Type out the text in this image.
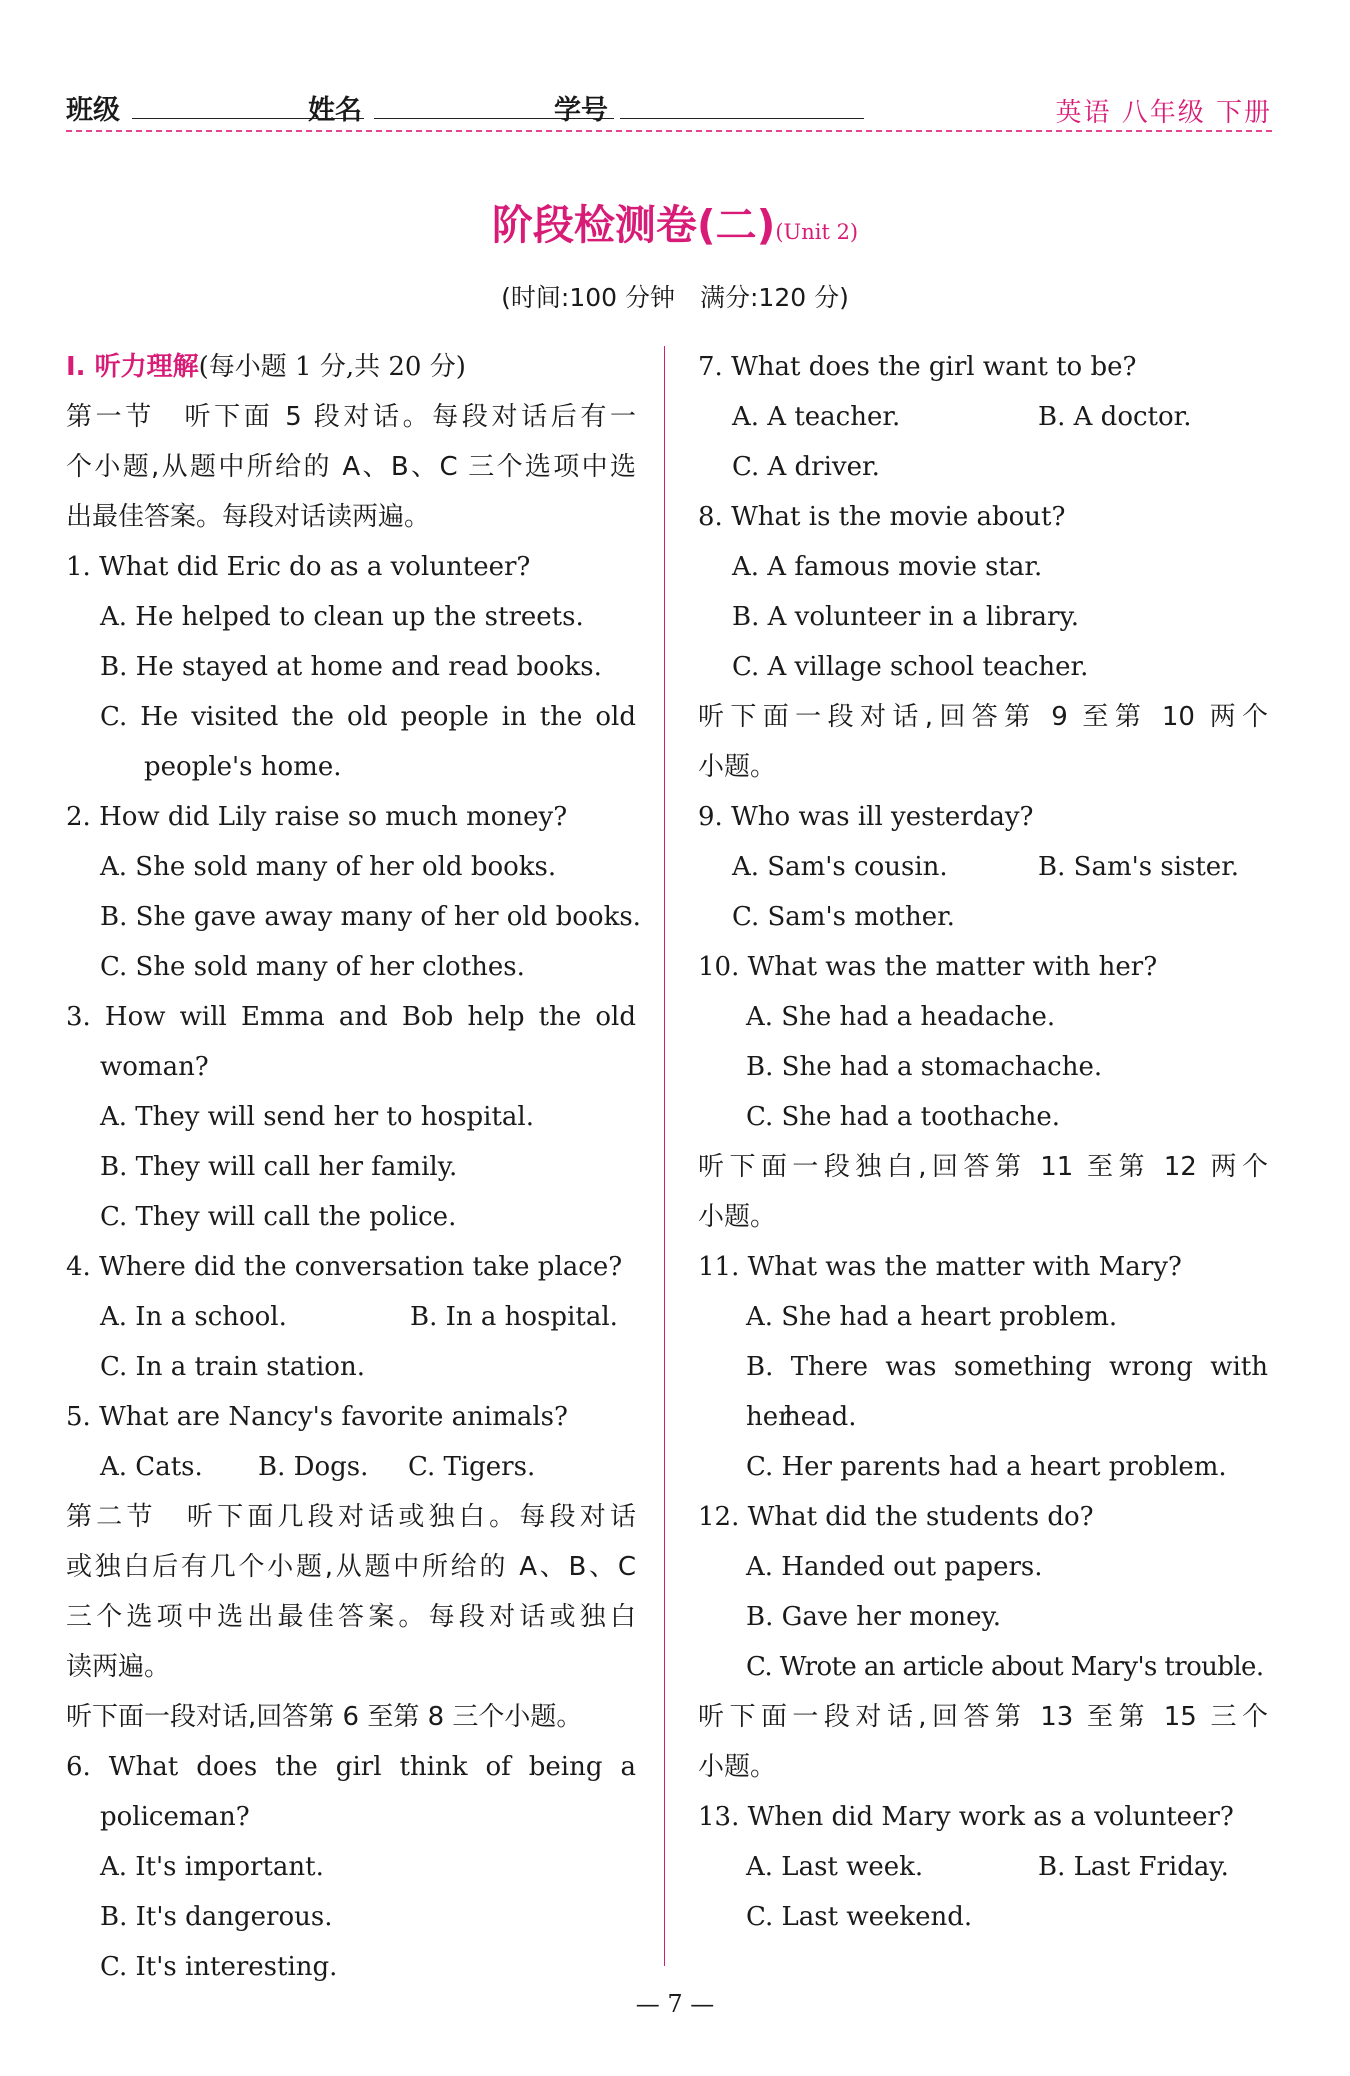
班级	姓名	学号	英语 八年级 下册
阶段检测卷(二)(Unit 2)
(时间:100 分钟　满分:120 分)
Ⅰ. 听力理解(每小题 1 分,共 20 分)
第一节　听下面 5 段对话。每段对话后有一
个小题,从题中所给的 A、B、C 三个选项中选
出最佳答案。每段对话读两遍。
1. What did Eric do as a volunteer?
A. He helped to clean up the streets.
B. He stayed at home and read books.
C. He visited the old people in the old
people's home.
2. How did Lily raise so much money?
A. She sold many of her old books.
B. She gave away many of her old books.
C. She sold many of her clothes.
3. How will Emma and Bob help the old
woman?
A. They will send her to hospital.
B. They will call her family.
C. They will call the police.
4. Where did the conversation take place?
A. In a school.	B. In a hospital.
C. In a train station.
5. What are Nancy's favorite animals?
A. Cats. B. Dogs. C. Tigers.
第二节　听下面几段对话或独白。每段对话
或独白后有几个小题,从题中所给的 A、B、C
三个选项中选出最佳答案。每段对话或独白
读两遍。
听下面一段对话,回答第 6 至第 8 三个小题。
6. What does the girl think of being a
policeman?
A. It's important.
B. It's dangerous.
C. It's interesting.
7. What does the girl want to be?
A. A teacher.	B. A doctor.
C. A driver.
8. What is the movie about?
A. A famous movie star.
B. A volunteer in a library.
C. A village school teacher.
听下面一段对话,回答第 9 至第 10 两个
小题。
9. Who was ill yesterday?
A. Sam's cousin.	B. Sam's sister.
C. Sam's mother.
10. What was the matter with her?
A. She had a headache.
B. She had a stomachache.
C. She had a toothache.
听下面一段独白,回答第 11 至第 12 两个
小题。
11. What was the matter with Mary?
A. She had a heart problem.
B. There was something wrong with her
head.
C. Her parents had a heart problem.
12. What did the students do?
A. Handed out papers.
B. Gave her money.
C. Wrote an article about Mary's trouble.
听下面一段对话,回答第 13 至第 15 三个
小题。
13. When did Mary work as a volunteer?
A. Last week.	B. Last Friday.
C. Last weekend.
— 7 —
